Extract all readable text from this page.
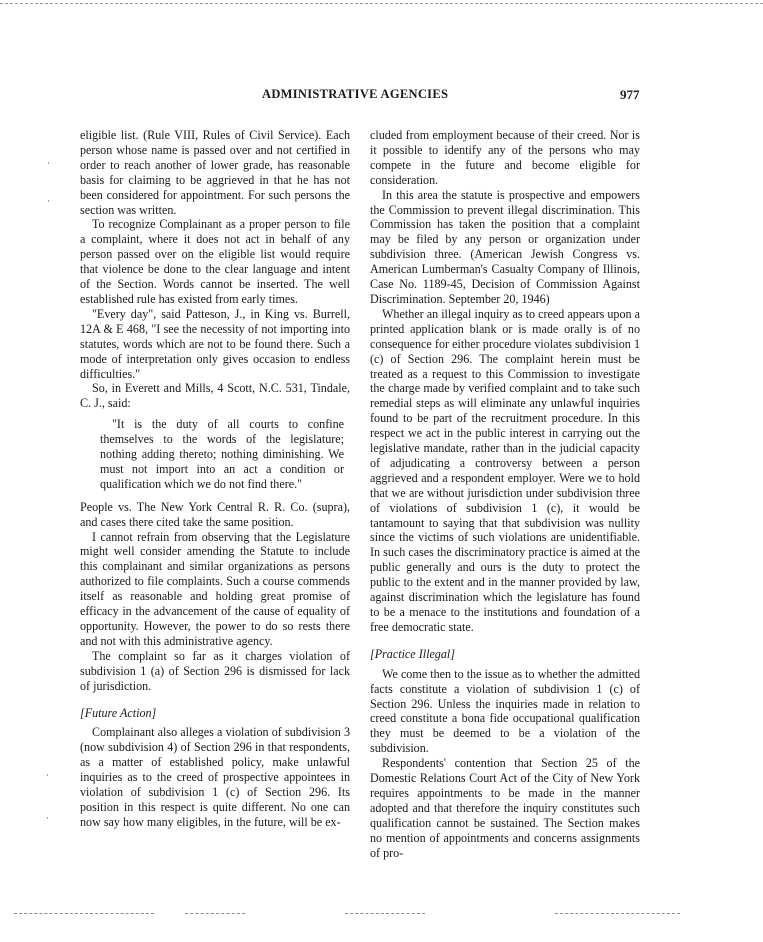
ADMINISTRATIVE AGENCIES	977
·
·
·
·

eligible list. (Rule VIII, Rules of Civil Service). Each person whose name is passed over and not certified in order to reach another of lower grade, has reasonable basis for claiming to be aggrieved in that he has not been considered for appointment. For such persons the section was written.

To recognize Complainant as a proper person to file a complaint, where it does not act in behalf of any person passed over on the eligible list would require that violence be done to the clear language and intent of the Section. Words cannot be inserted. The well established rule has existed from early times.

"Every day", said Patteson, J., in King vs. Burrell, 12A & E 468, "I see the necessity of not importing into statutes, words which are not to be found there. Such a mode of interpretation only gives occasion to endless difficulties."

So, in Everett and Mills, 4 Scott, N.C. 531, Tindale, C. J., said:

"It is the duty of all courts to confine themselves to the words of the legislature; nothing adding thereto; nothing diminishing. We must not import into an act a condition or qualification which we do not find there."

People vs. The New York Central R. R. Co. (supra), and cases there cited take the same position.

I cannot refrain from observing that the Legislature might well consider amending the Statute to include this complainant and similar organizations as persons authorized to file complaints. Such a course commends itself as reasonable and holding great promise of efficacy in the advancement of the cause of equality of opportunity. However, the power to do so rests there and not with this administrative agency.

The complaint so far as it charges violation of subdivision 1 (a) of Section 296 is dismissed for lack of jurisdiction.

[Future Action]

Complainant also alleges a violation of subdivision 3 (now subdivision 4) of Section 296 in that respondents, as a matter of established policy, make unlawful inquiries as to the creed of prospective appointees in violation of subdivision 1 (c) of Section 296. Its position in this respect is quite different. No one can now say how many eligibles, in the future, will be ex-

cluded from employment because of their creed. Nor is it possible to identify any of the persons who may compete in the future and become eligible for consideration.

In this area the statute is prospective and empowers the Commission to prevent illegal discrimination. This Commission has taken the position that a complaint may be filed by any person or organization under subdivision three. (American Jewish Congress vs. American Lumberman's Casualty Company of Illinois, Case No. 1189-45, Decision of Commission Against Discrimination. September 20, 1946)

Whether an illegal inquiry as to creed appears upon a printed application blank or is made orally is of no consequence for either procedure violates subdivision 1 (c) of Section 296. The complaint herein must be treated as a request to this Commission to investigate the charge made by verified complaint and to take such remedial steps as will eliminate any unlawful inquiries found to be part of the recruitment procedure. In this respect we act in the public interest in carrying out the legislative mandate, rather than in the judicial capacity of adjudicating a controversy between a person aggrieved and a respondent employer. Were we to hold that we are without jurisdiction under subdivision three of violations of subdivision 1 (c), it would be tantamount to saying that that subdivision was nullity since the victims of such violations are unidentifiable. In such cases the discriminatory practice is aimed at the public generally and ours is the duty to protect the public to the extent and in the manner provided by law, against discrimination which the legislature has found to be a menace to the institutions and foundation of a free democratic state.

[Practice Illegal]

We come then to the issue as to whether the admitted facts constitute a violation of subdivision 1 (c) of Section 296. Unless the inquiries made in relation to creed constitute a bona fide occupational qualification they must be deemed to be a violation of the subdivision.

Respondents' contention that Section 25 of the Domestic Relations Court Act of the City of New York requires appointments to be made in the manner adopted and that therefore the inquiry constitutes such qualification cannot be sustained. The Section makes no mention of appointments and concerns assignments of pro-
